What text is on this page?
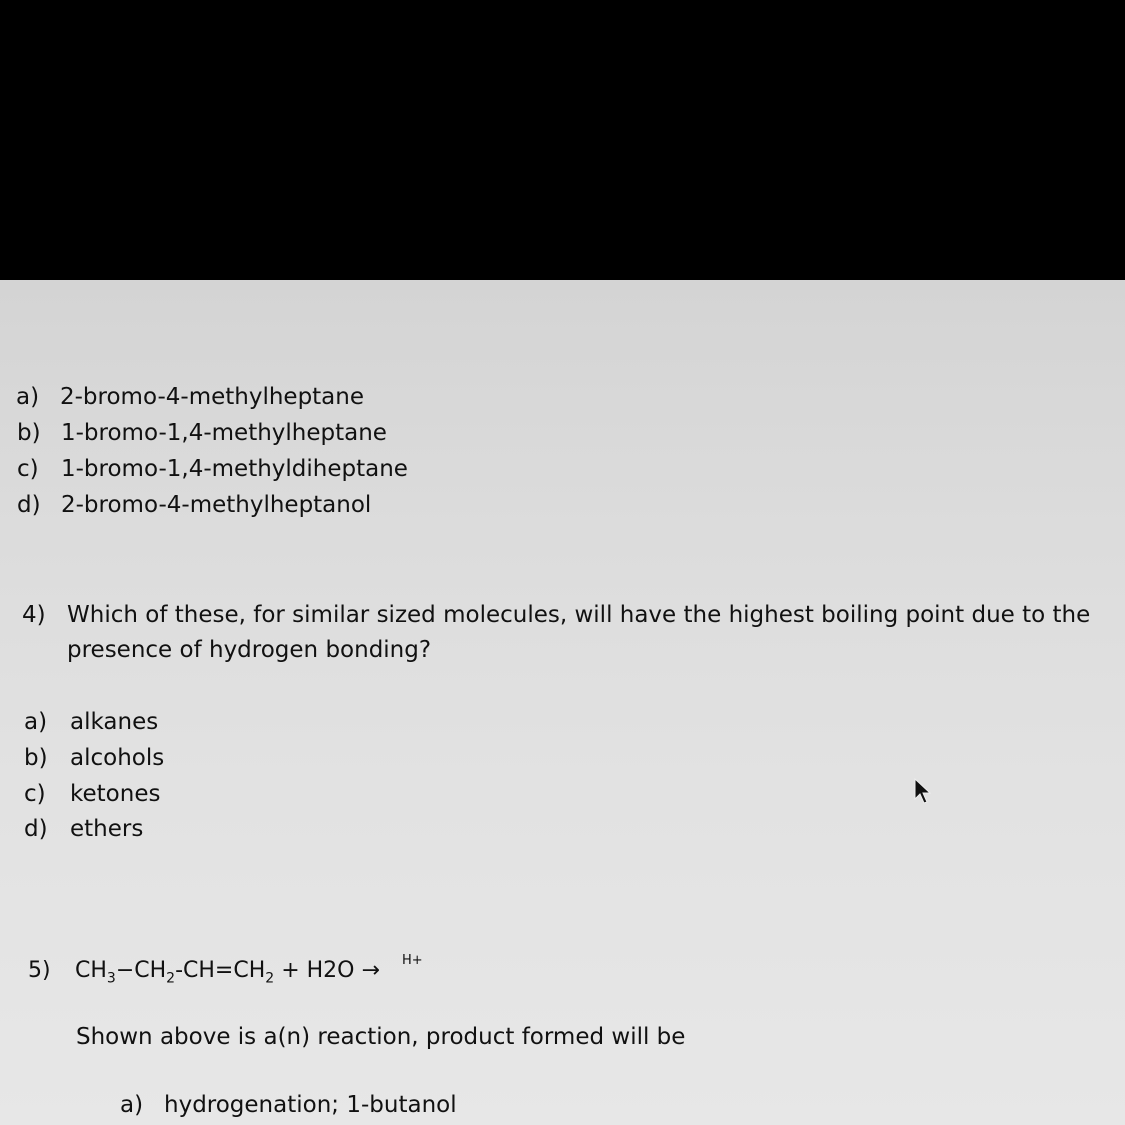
a) 2-bromo-4-methylheptane
b) 1-bromo-1,4-methylheptane
c) 1-bromo-1,4-methyldiheptane
d) 2-bromo-4-methylheptanol
4) Which of these, for similar sized molecules, will have the highest boiling point due to the
presence of hydrogen bonding?
a) alkanes
b) alcohols
c) ketones
d) ethers
5) $CH_3-CH_2-CH=CH_2 + H2O \to H+$
Shown above is a(n) reaction, product formed will be
a) hydrogenation; 1-butanol
